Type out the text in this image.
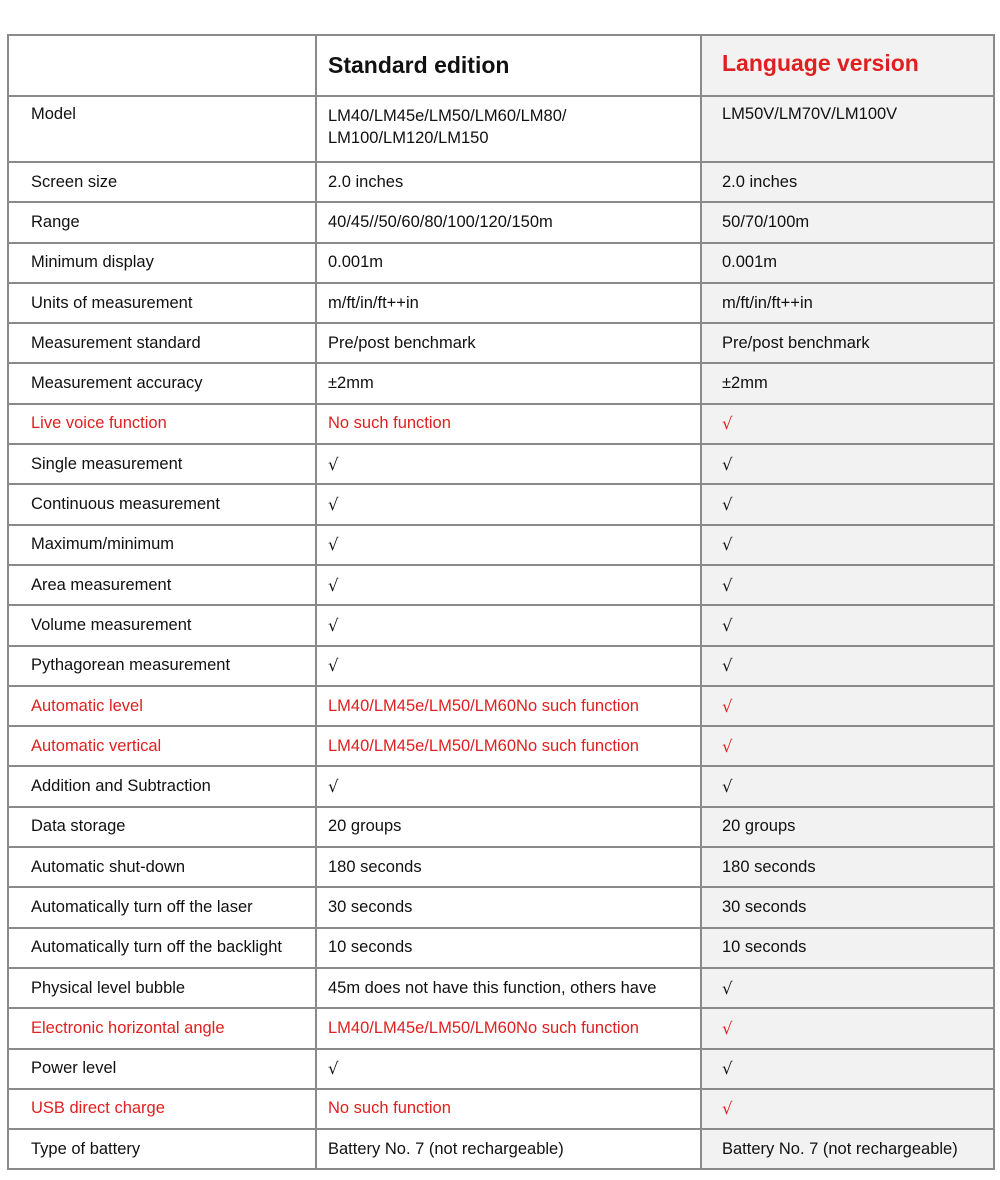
	Standard edition	Language version
Model	LM40/LM45e/LM50/LM60/LM80/ LM100/LM120/LM150	LM50V/LM70V/LM100V
Screen size	2.0 inches	2.0 inches
Range	40/45//50/60/80/100/120/150m	50/70/100m
Minimum display	0.001m	0.001m
Units of measurement	m/ft/in/ft++in	m/ft/in/ft++in
Measurement standard	Pre/post benchmark	Pre/post benchmark
Measurement accuracy	±2mm	±2mm
Live voice function	No such function	√
Single measurement	√	√
Continuous measurement	√	√
Maximum/minimum	√	√
Area measurement	√	√
Volume measurement	√	√
Pythagorean measurement	√	√
Automatic level	LM40/LM45e/LM50/LM60No such function	√
Automatic vertical	LM40/LM45e/LM50/LM60No such function	√
Addition and Subtraction	√	√
Data storage	20 groups	20 groups
Automatic shut-down	180 seconds	180 seconds
Automatically turn off the laser	30 seconds	30 seconds
Automatically turn off the backlight	10 seconds	10 seconds
Physical level bubble	45m does not have this function, others have	√
Electronic horizontal angle	LM40/LM45e/LM50/LM60No such function	√
Power level	√	√
USB direct charge	No such function	√
Type of battery	Battery No. 7 (not rechargeable)	Battery No. 7 (not rechargeable)
